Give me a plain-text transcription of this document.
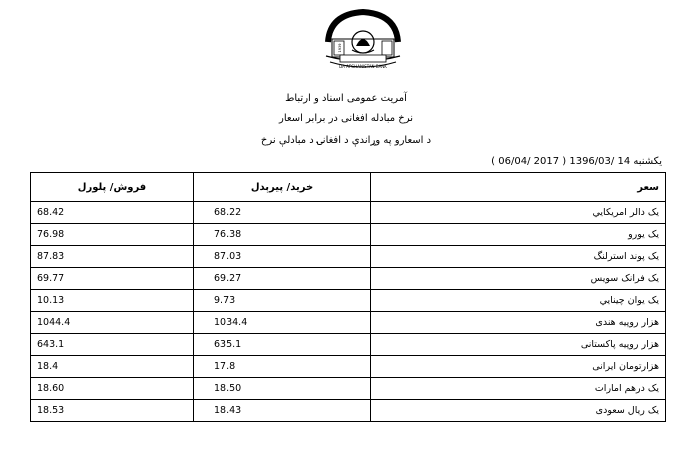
DA AFGHANISTAN BANK
1939
آمریت عمومی اسناد و ارتباط
نرخ مبادله افغانی در برابر اسعار
د اسعارو په وړاندې د افغانۍ د مبادلې نرخ
يكشنبه 14 /1396/03 ( 2017 /06/04 )
فروش/ پلورل	خرید/ پیرېدل	سعر
68.42	68.22	يک دالر امريکايي
76.98	76.38	يک يورو
87.83	87.03	يک پوند استرلنگ
69.77	69.27	يک فرانک سويس
10.13	9.73	يک يوان چينايي
1044.4	1034.4	هزار روپيه هندی
643.1	635.1	هزار روپيه پاکستانی
18.4	17.8	هزارتومان ايرانی
18.60	18.50	يک درهم امارات
18.53	18.43	يک ريال سعودی
